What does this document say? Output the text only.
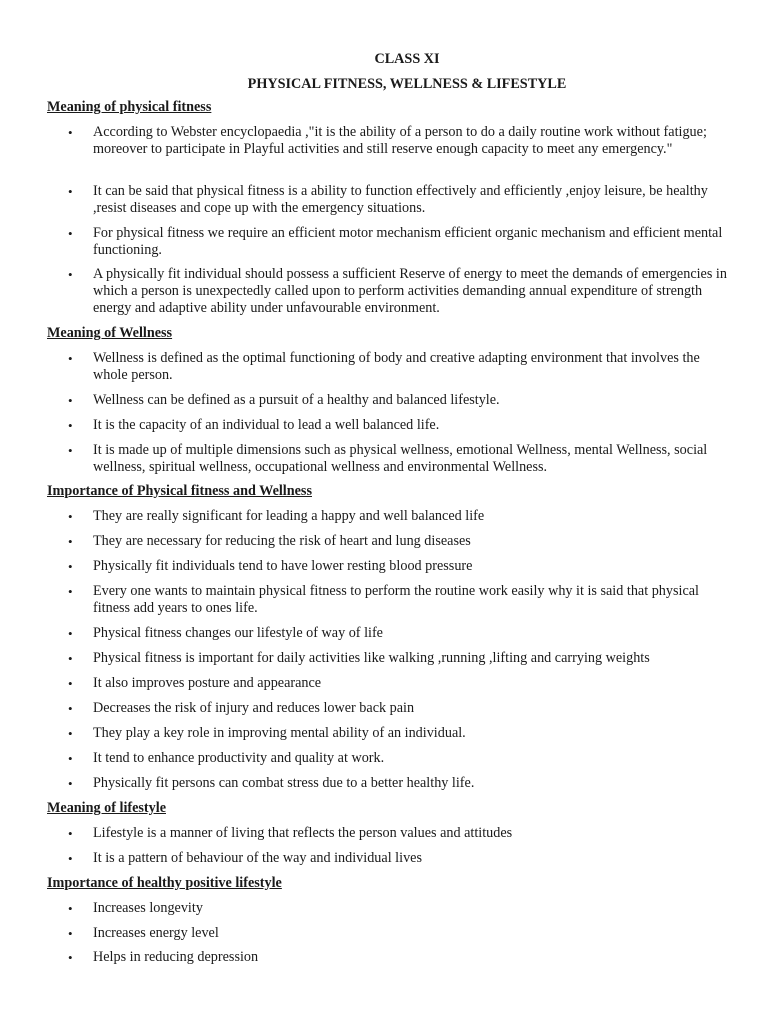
CLASS XI
PHYSICAL FITNESS, WELLNESS & LIFESTYLE
Meaning of physical fitness
• According to Webster encyclopaedia ,"it is the ability of a person to do a daily routine work without fatigue; moreover to participate in Playful activities and still reserve enough capacity to meet any emergency."
• It can be said that physical fitness is a ability to function effectively and efficiently ,enjoy leisure, be healthy ,resist diseases and cope up with the emergency situations.
• For physical fitness we require an efficient motor mechanism efficient organic mechanism and efficient mental functioning.
• A physically fit individual should possess a sufficient Reserve of energy to meet the demands of emergencies in which a person is unexpectedly called upon to perform activities demanding annual expenditure of strength energy and adaptive ability under unfavourable environment.
Meaning of Wellness
• Wellness is defined as the optimal functioning of body and creative adapting environment that involves the whole person.
• Wellness can be defined as a pursuit of a healthy and balanced lifestyle.
• It is the capacity of an individual to lead a well balanced life.
• It is made up of multiple dimensions such as physical wellness, emotional Wellness, mental Wellness, social wellness, spiritual wellness, occupational wellness and environmental Wellness.
Importance of Physical fitness and Wellness
• They are really significant for leading a happy and well balanced life
• They are necessary for reducing the risk of heart and lung diseases
• Physically fit individuals tend to have lower resting blood pressure
• Every one wants to maintain physical fitness to perform the routine work easily why it is said that physical fitness add years to ones life.
• Physical fitness changes our lifestyle of way of life
• Physical fitness is important for daily activities like walking ,running ,lifting and carrying weights
• It also improves posture and appearance
• Decreases the risk of injury and reduces lower back pain
• They play a key role in improving mental ability of an individual.
• It tend to enhance productivity and quality at work.
• Physically fit persons can combat stress due to a better healthy life.
Meaning of lifestyle
• Lifestyle is a manner of living that reflects the person values and attitudes
• It is a pattern of behaviour of the way and individual lives
Importance of healthy positive lifestyle
• Increases longevity
• Increases energy level
• Helps in reducing depression
